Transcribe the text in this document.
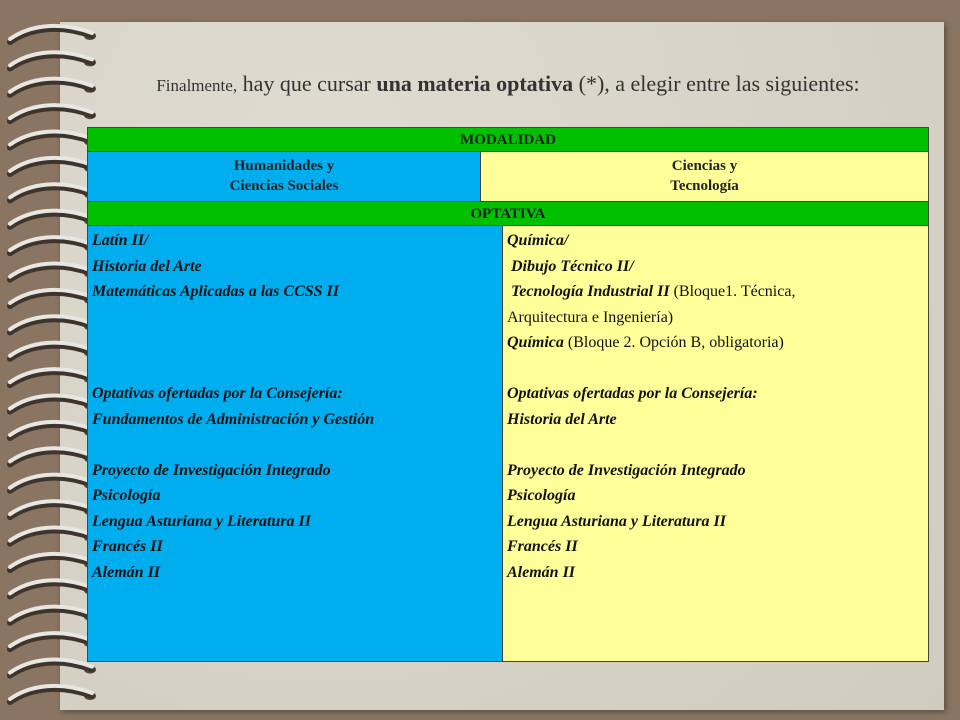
Finalmente, hay que cursar una materia optativa (*), a elegir entre las siguientes:
MODALIDAD
Humanidades y
Ciencias Sociales
Ciencias y
Tecnología
OPTATIVA
Latín II/
Historia del Arte
Matemáticas Aplicadas a las CCSS II
Optativas ofertadas por la Consejería:
Fundamentos de Administración y Gestión
Proyecto de Investigación Integrado
Psicología
Lengua Asturiana y Literatura II
Francés II
Alemán II
Química/
Dibujo Técnico II/
Tecnología Industrial II (Bloque1. Técnica,
Arquitectura e Ingeniería)
Química (Bloque 2. Opción B, obligatoria)
Optativas ofertadas por la Consejería:
Historia del Arte
Proyecto de Investigación Integrado
Psicología
Lengua Asturiana y Literatura II
Francés II
Alemán II
